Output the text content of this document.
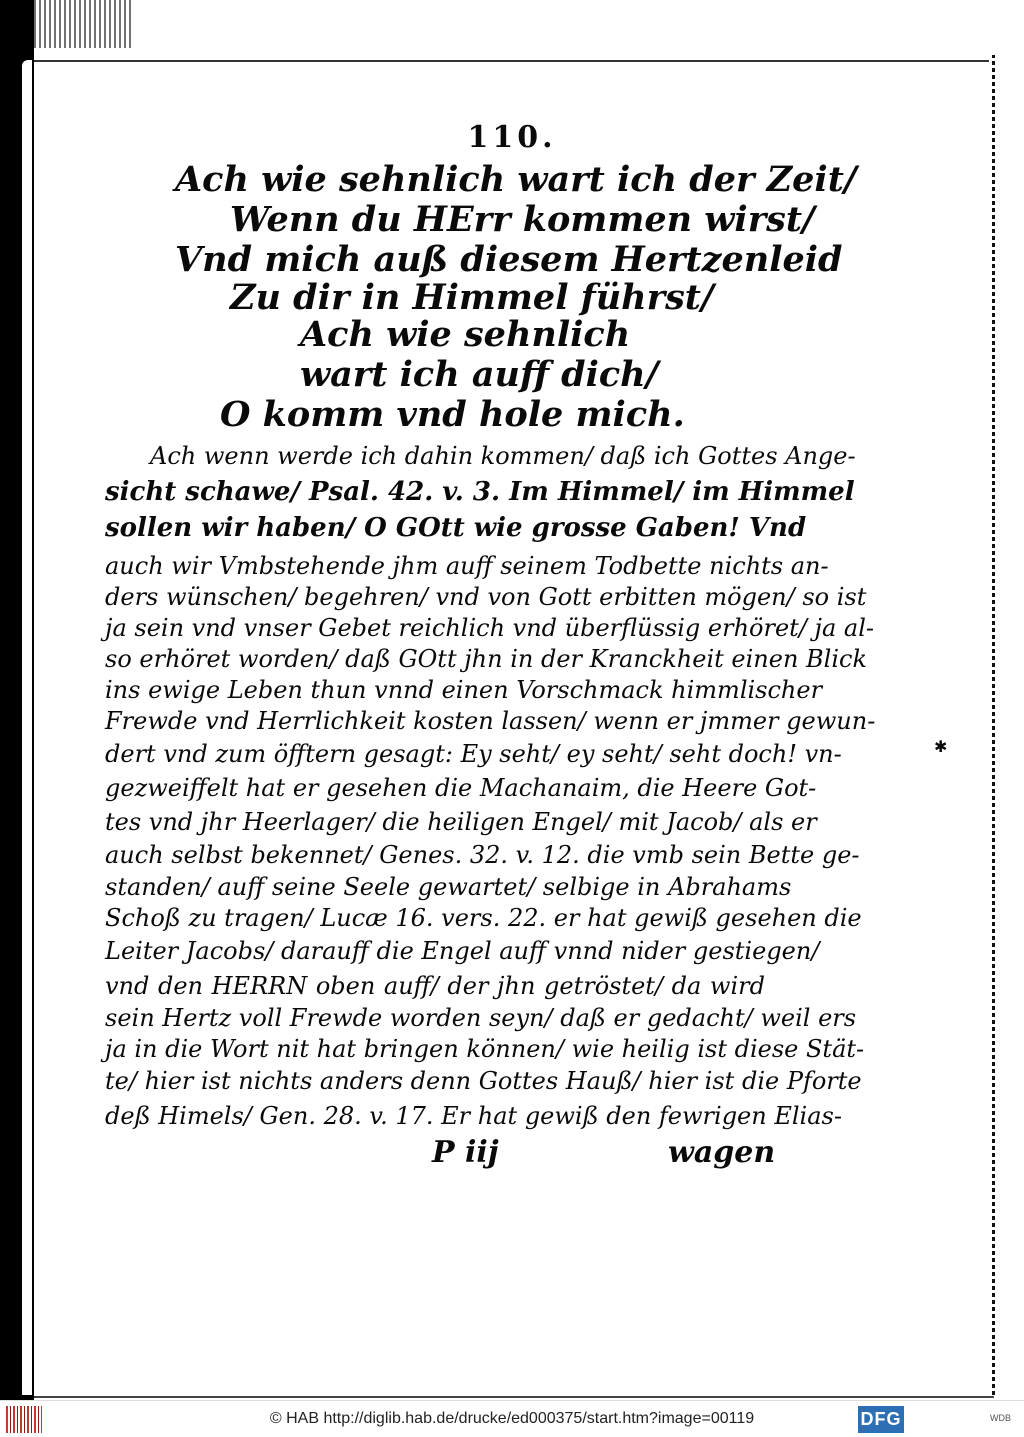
✱
110.
Ach wie sehnlich wart ich der Zeit/
Wenn du HErr kommen wirst/
Vnd mich auß diesem Hertzenleid
Zu dir in Himmel führst/
Ach wie sehnlich
wart ich auff dich/
O komm vnd hole mich.
Ach wenn werde ich dahin kommen/ daß ich Gottes Ange-
sicht schawe/ Psal. 42. v. 3. Im Himmel/ im Himmel
sollen wir haben/ O GOtt wie grosse Gaben! Vnd
auch wir Vmbstehende jhm auff seinem Todbette nichts an-
ders wünschen/ begehren/ vnd von Gott erbitten mögen/ so ist
ja sein vnd vnser Gebet reichlich vnd überflüssig erhöret/ ja al-
so erhöret worden/ daß GOtt jhn in der Kranckheit einen Blick
ins ewige Leben thun vnnd einen Vorschmack himmlischer
Frewde vnd Herrlichkeit kosten lassen/ wenn er jmmer gewun-
dert vnd zum öfftern gesagt: Ey seht/ ey seht/ seht doch! vn-
gezweiffelt hat er gesehen die Machanaim, die Heere Got-
tes vnd jhr Heerlager/ die heiligen Engel/ mit Jacob/ als er
auch selbst bekennet/ Genes. 32. v. 12. die vmb sein Bette ge-
standen/ auff seine Seele gewartet/ selbige in Abrahams
Schoß zu tragen/ Lucæ 16. vers. 22. er hat gewiß gesehen die
Leiter Jacobs/ darauff die Engel auff vnnd nider gestiegen/
vnd den HERRN oben auff/ der jhn getröstet/ da wird
sein Hertz voll Frewde worden seyn/ daß er gedacht/ weil ers
ja in die Wort nit hat bringen können/ wie heilig ist diese Stät-
te/ hier ist nichts anders denn Gottes Hauß/ hier ist die Pforte
deß Himels/ Gen. 28. v. 17. Er hat gewiß den fewrigen Elias-
P iij	wagen
© HAB http://diglib.hab.de/drucke/ed000375/start.htm?image=00119	DFG	WDB
